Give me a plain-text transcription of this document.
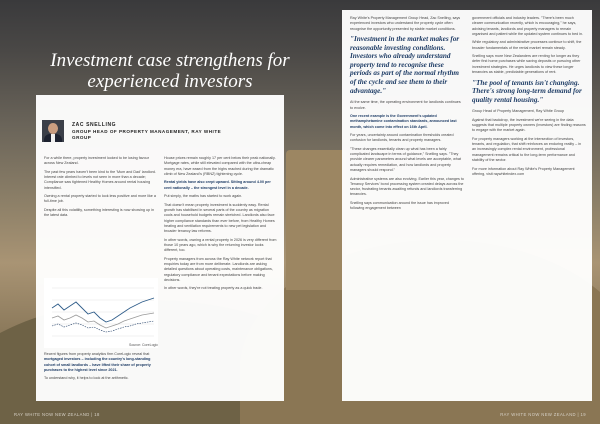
Investment case strengthens for experienced investors
ZAC SNELLING
GROUP HEAD OF PROPERTY MANAGEMENT, RAY WHITE GROUP

For a while there, property investment looked to be losing favour across New Zealand.

The past few years haven't been kind to the 'Mum and Dad' landlord. Interest rate climbed to levels not seen in more than a decade; Compliance saw tightened Healthy Homes around rental housing intensified.

Owning a rental property started to look less positive and more like a full-time job.

Despite all this volatility, something interesting is now showing up in the latest data.

Source: CoreLogic

Recent figures from property analytics firm CoreLogic reveal that mortgaged investors – including the country's long-standing cohort of small landlords – have lifted their share of property purchases to the highest level since 2021.

To understand why, it helps to look at the arithmetic.

House prices remain roughly 17 per cent below their peak nationally. Mortgage rates, while still elevated compared with the ultra-cheap money era, have eased from the highs reached during the dramatic climb of New Zealand's (RBNZ) tightening cycle.

Rental yields have also crept upward. Sitting around 4.00 per cent nationally – the strongest level in a decade.

Put simply, the maths has started to work again.

That doesn't mean property investment is suddenly easy. Rental growth has stabilised in several parts of the country as migration cools and household budgets remain stretched. Landlords also face higher compliance standards than ever before, from Healthy Homes heating and ventilation requirements to new pet legislation and broader tenancy law reforms.

In other words, owning a rental property in 2026 is very different from those 10 years ago, which is why the returning investor looks different, too.

Property managers from across the Ray White network report that enquiries today are from more deliberate. Landlords are asking detailed questions about operating costs, maintenance obligations, regulatory compliance and tenant expectations before making decisions.

In other words, they're not treating property as a quick trade.

Ray White's Property Management Group Head, Zac Snelling, says experienced investors who understand the property cycle often recognise the opportunity presented by stable market conditions.

"Investment in the market makes for reasonable investing conditions. Investors who already understand property tend to recognise these periods as part of the normal rhythm of the cycle and see them to their advantage."

At the same time, the operating environment for landlords continues to evolve.

One recent example is the Government's updated methamphetamine contamination standards, announced last month, which come into effect on 16th April.

For years, uncertainty around contamination thresholds created confusion for landlords, tenants and property managers.

"These changes essentially clean up what has been a fairly complicated landscape in terms of guidance," Snelling says. "They provide clearer parameters around what levels are acceptable, what actually requires remediation, and how landlords and property managers should respond."

Administrative systems are also evolving. Earlier this year, changes to Tenancy Services' bond processing system created delays across the sector, frustrating tenants awaiting refunds and landlords transferring tenancies.

Snelling says communication around the issue has improved following engagement between

government officials and industry leaders. "There's been much clearer communication recently, which is encouraging," he says, advising tenants, landlords and property managers to remain organised and patient while the updated system continues to bed in.

While regulatory and administrative processes continue to shift, the broader fundamentals of the rental market remain steady.

Snelling says more New Zealanders are renting for longer as they defer first home purchases while saving deposits or pursuing other investment strategies. He urges landlords to view these longer tenancies as stable, predictable generations of rent.

"The pool of tenants isn't changing. There's strong long-term demand for quality rental housing."

Group Head of Property Management, Ray White Group

Against that backdrop, the investment we're seeing in the data suggests that multiple property owners (investors) are finding reasons to engage with the market again.

For property managers working at the intersection of investors, tenants, and regulation, that shift reinforces an enduring reality – in an increasingly complex rental environment, professional management remains critical to the long-term performance and stability of the sector.

For more information about Ray White's Property Management offering, visit raywhiteindex.com

RAY WHITE NOW NEW ZEALAND | 18	RAY WHITE NOW NEW ZEALAND | 19
